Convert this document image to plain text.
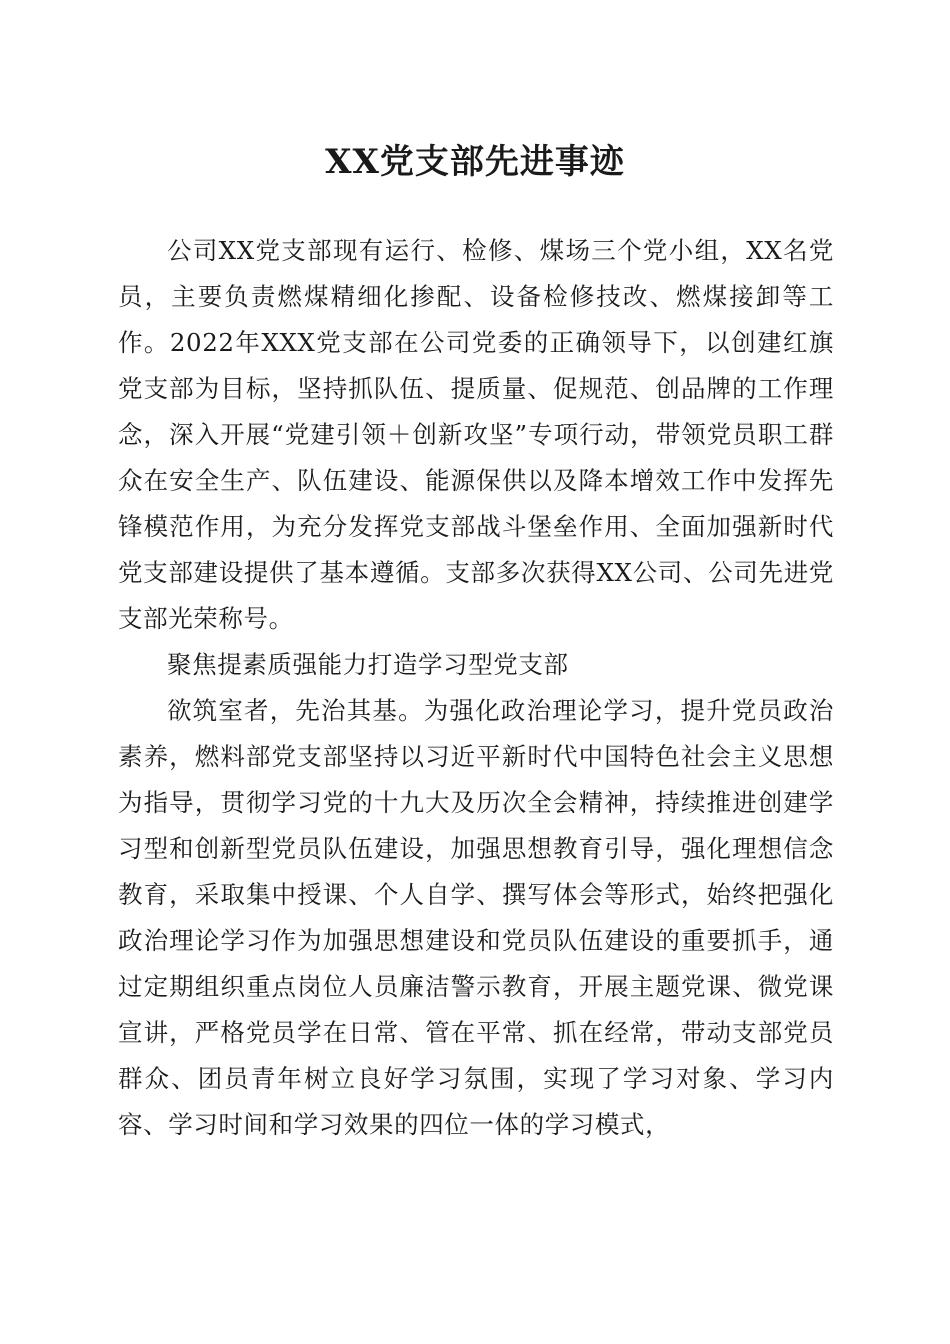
XX党支部先进事迹

公司XX党支部现有运行、检修、煤场三个党小组，XX名党员，主要负责燃煤精细化掺配、设备检修技改、燃煤接卸等工作。2022年XXX党支部在公司党委的正确领导下，以创建红旗党支部为目标，坚持抓队伍、提质量、促规范、创品牌的工作理念，深入开展“党建引领＋创新攻坚”专项行动，带领党员职工群众在安全生产、队伍建设、能源保供以及降本增效工作中发挥先锋模范作用，为充分发挥党支部战斗堡垒作用、全面加强新时代党支部建设提供了基本遵循。支部多次获得XX公司、公司先进党支部光荣称号。

聚焦提素质强能力打造学习型党支部

欲筑室者，先治其基。为强化政治理论学习，提升党员政治素养，燃料部党支部坚持以习近平新时代中国特色社会主义思想为指导，贯彻学习党的十九大及历次全会精神，持续推进创建学习型和创新型党员队伍建设，加强思想教育引导，强化理想信念教育，采取集中授课、个人自学、撰写体会等形式，始终把强化政治理论学习作为加强思想建设和党员队伍建设的重要抓手，通过定期组织重点岗位人员廉洁警示教育，开展主题党课、微党课宣讲，严格党员学在日常、管在平常、抓在经常，带动支部党员群众、团员青年树立良好学习氛围，实现了学习对象、学习内容、学习时间和学习效果的四位一体的学习模式，
